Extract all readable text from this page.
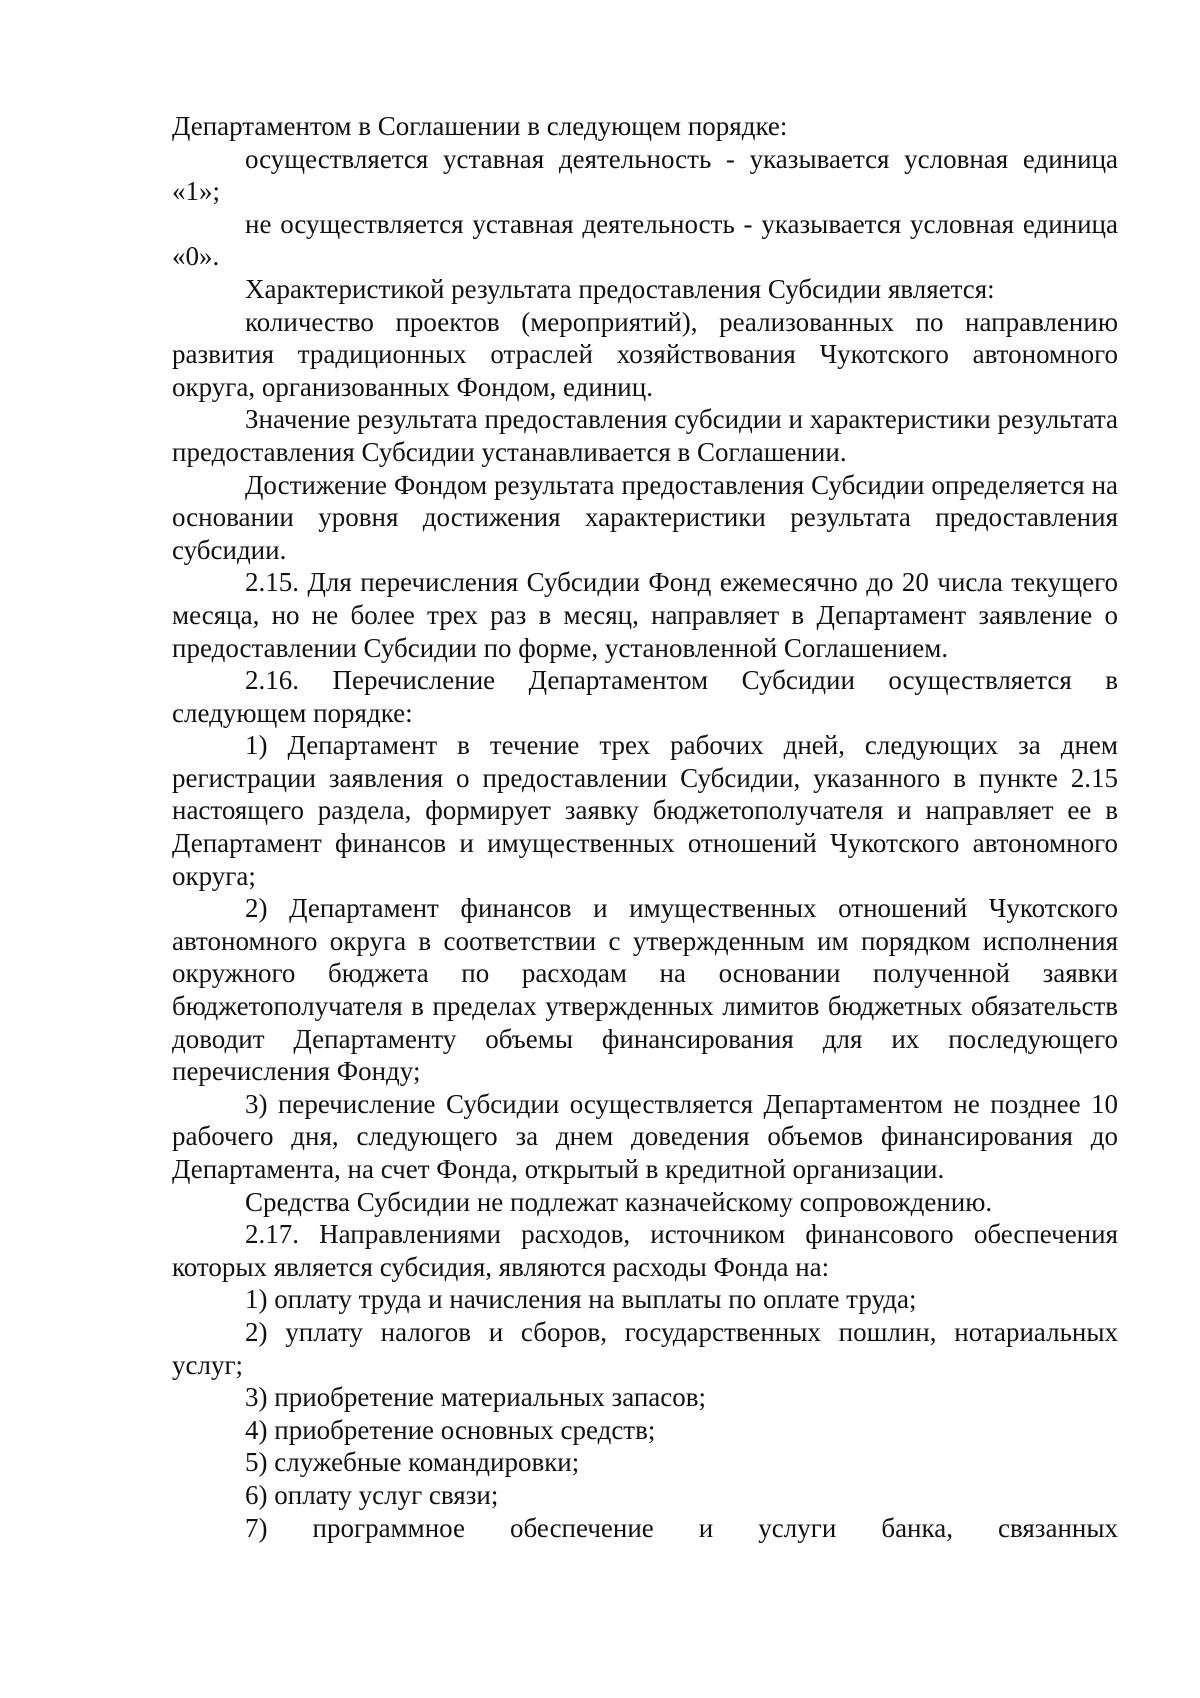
Департаментом в Соглашении в следующем порядке:

осуществляется уставная деятельность - указывается условная единица «1»;

не осуществляется уставная деятельность - указывается условная единица «0».

Характеристикой результата предоставления Субсидии является:

количество проектов (мероприятий), реализованных по направлению развития традиционных отраслей хозяйствования Чукотского автономного округа, организованных Фондом, единиц.

Значение результата предоставления субсидии и характеристики результата предоставления Субсидии устанавливается в Соглашении.

Достижение Фондом результата предоставления Субсидии определяется на основании уровня достижения характеристики результата предоставления субсидии.

2.15. Для перечисления Субсидии Фонд ежемесячно до 20 числа текущего месяца, но не более трех раз в месяц, направляет в Департамент заявление о предоставлении Субсидии по форме, установленной Соглашением.

2.16. Перечисление Департаментом Субсидии осуществляется в следующем порядке:

1) Департамент в течение трех рабочих дней, следующих за днем регистрации заявления о предоставлении Субсидии, указанного в пункте 2.15 настоящего раздела, формирует заявку бюджетополучателя и направляет ее в Департамент финансов и имущественных отношений Чукотского автономного округа;

2) Департамент финансов и имущественных отношений Чукотского автономного округа в соответствии с утвержденным им порядком исполнения окружного бюджета по расходам на основании полученной заявки бюджетополучателя в пределах утвержденных лимитов бюджетных обязательств доводит Департаменту объемы финансирования для их последующего перечисления Фонду;

3) перечисление Субсидии осуществляется Департаментом не позднее 10 рабочего дня, следующего за днем доведения объемов финансирования до Департамента, на счет Фонда, открытый в кредитной организации.

Средства Субсидии не подлежат казначейскому сопровождению.

2.17. Направлениями расходов, источником финансового обеспечения которых является субсидия, являются расходы Фонда на:

1) оплату труда и начисления на выплаты по оплате труда;

2) уплату налогов и сборов, государственных пошлин, нотариальных услуг;

3) приобретение материальных запасов;

4) приобретение основных средств;

5) служебные командировки;

6) оплату услуг связи;

7) программное обеспечение и услуги банка, связанных
